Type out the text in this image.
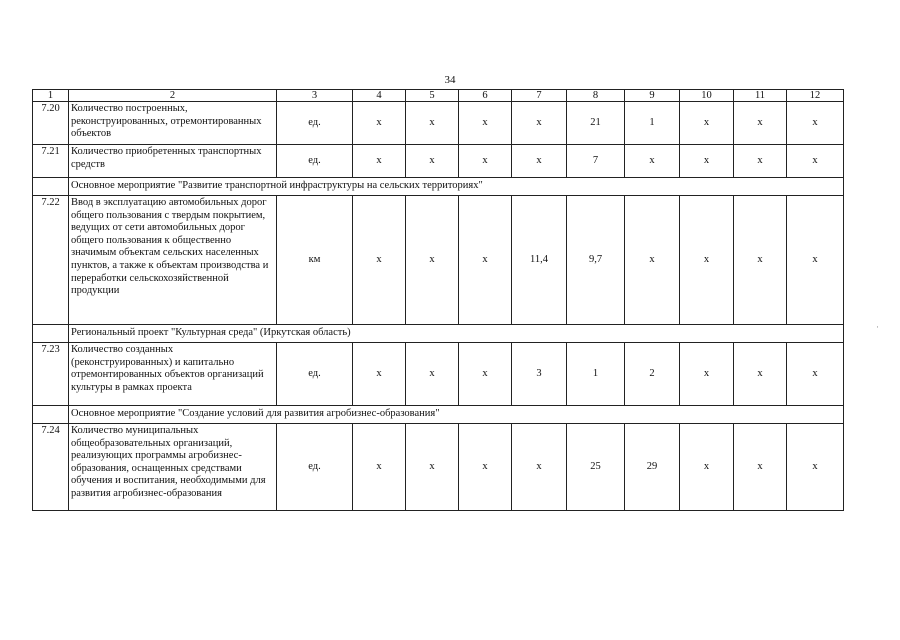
34
1	2	3	4	5	6	7	8	9	10	11	12
7.20	Количество построенных, реконструированных, отремонтированных объектов	ед.	х	х	х	х	21	1	х	х	х
7.21	Количество приобретенных транспортных средств	ед.	х	х	х	х	7	х	х	х	х
	Основное мероприятие "Развитие транспортной инфраструктуры на сельских территориях"										
7.22	Ввод в эксплуатацию автомобильных дорог общего пользования с твердым покрытием, ведущих от сети автомобильных дорог общего пользования к общественно значимым объектам сельских населенных пунктов, а также к объектам производства и переработки сельскохозяйственной продукции	км	х	х	х	11,4	9,7	х	х	х	х
	Региональный проект "Культурная среда" (Иркутская область)										
7.23	Количество созданных (реконструированных) и капитально отремонтированных объектов организаций культуры в рамках проекта	ед.	х	х	х	3	1	2	х	х	х
	Основное мероприятие "Создание условий для развития агробизнес-образования"										
7.24	Количество муниципальных общеобразовательных организаций, реализующих программы агробизнес-образования, оснащенных средствами обучения и воспитания, необходимыми для развития агробизнес-образования	ед.	х	х	х	х	25	29	х	х	х
·
